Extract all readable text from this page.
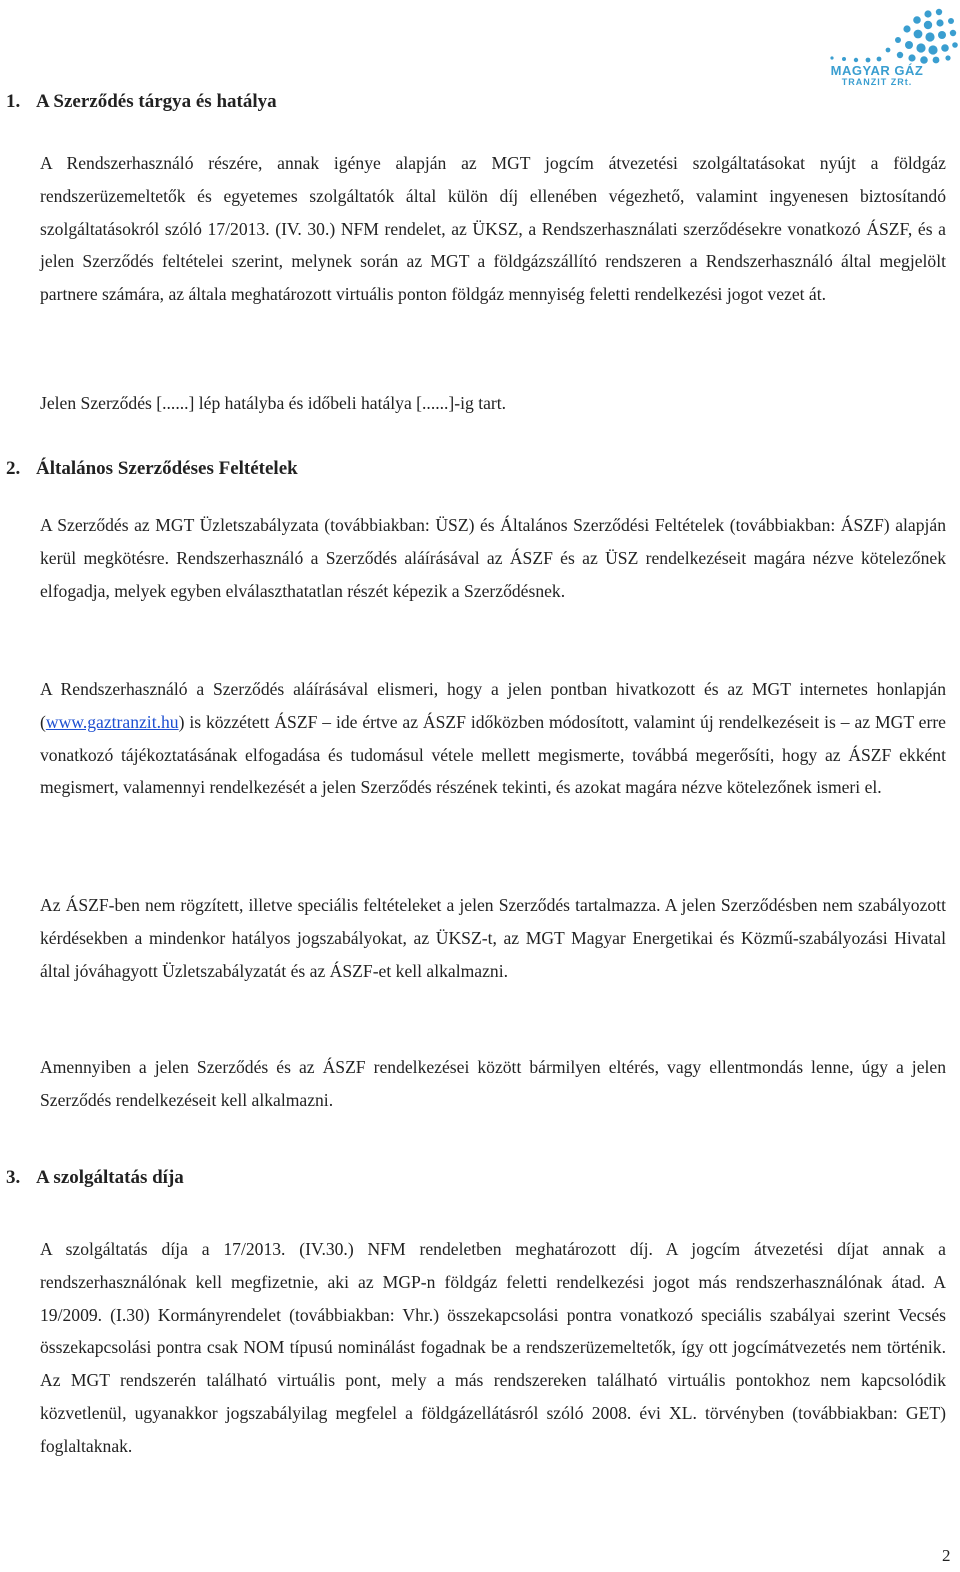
MAGYAR GÁZ
TRANZIT ZRt.
1. A Szerződés tárgya és hatálya

A Rendszerhasználó részére, annak igénye alapján az MGT jogcím átvezetési szolgáltatásokat nyújt a földgáz rendszerüzemeltetők és egyetemes szolgáltatók által külön díj ellenében végezhető, valamint ingyenesen biztosítandó szolgáltatásokról szóló 17/2013. (IV. 30.) NFM rendelet, az ÜKSZ, a Rendszerhasználati szerződésekre vonatkozó ÁSZF, és a jelen Szerződés feltételei szerint, melynek során az MGT a földgázszállító rendszeren a Rendszerhasználó által megjelölt partnere számára, az általa meghatározott virtuális ponton földgáz mennyiség feletti rendelkezési jogot vezet át.

Jelen Szerződés [......] lép hatályba és időbeli hatálya [......]-ig tart.

2. Általános Szerződéses Feltételek

A Szerződés az MGT Üzletszabályzata (továbbiakban: ÜSZ) és Általános Szerződési Feltételek (továbbiakban: ÁSZF) alapján kerül megkötésre. Rendszerhasználó a Szerződés aláírásával az ÁSZF és az ÜSZ rendelkezéseit magára nézve kötelezőnek elfogadja, melyek egyben elválaszthatatlan részét képezik a Szerződésnek.

A Rendszerhasználó a Szerződés aláírásával elismeri, hogy a jelen pontban hivatkozott és az MGT internetes honlapján (www.gaztranzit.hu) is közzétett ÁSZF – ide értve az ÁSZF időközben módosított, valamint új rendelkezéseit is – az MGT erre vonatkozó tájékoztatásának elfogadása és tudomásul vétele mellett megismerte, továbbá megerősíti, hogy az ÁSZF ekként megismert, valamennyi rendelkezését a jelen Szerződés részének tekinti, és azokat magára nézve kötelezőnek ismeri el.

Az ÁSZF-ben nem rögzített, illetve speciális feltételeket a jelen Szerződés tartalmazza. A jelen Szerződésben nem szabályozott kérdésekben a mindenkor hatályos jogszabályokat, az ÜKSZ-t, az MGT Magyar Energetikai és Közmű-szabályozási Hivatal által jóváhagyott Üzletszabályzatát és az ÁSZF-et kell alkalmazni.

Amennyiben a jelen Szerződés és az ÁSZF rendelkezései között bármilyen eltérés, vagy ellentmondás lenne, úgy a jelen Szerződés rendelkezéseit kell alkalmazni.

3. A szolgáltatás díja

A szolgáltatás díja a 17/2013. (IV.30.) NFM rendeletben meghatározott díj. A jogcím átvezetési díjat annak a rendszerhasználónak kell megfizetnie, aki az MGP-n földgáz feletti rendelkezési jogot más rendszerhasználónak átad. A 19/2009. (I.30) Kormányrendelet (továbbiakban: Vhr.) összekapcsolási pontra vonatkozó speciális szabályai szerint Vecsés összekapcsolási pontra csak NOM típusú nominálást fogadnak be a rendszerüzemeltetők, így ott jogcímátvezetés nem történik. Az MGT rendszerén található virtuális pont, mely a más rendszereken található virtuális pontokhoz nem kapcsolódik közvetlenül, ugyanakkor jogszabályilag megfelel a földgázellátásról szóló 2008. évi XL. törvényben (továbbiakban: GET) foglaltaknak.

2
